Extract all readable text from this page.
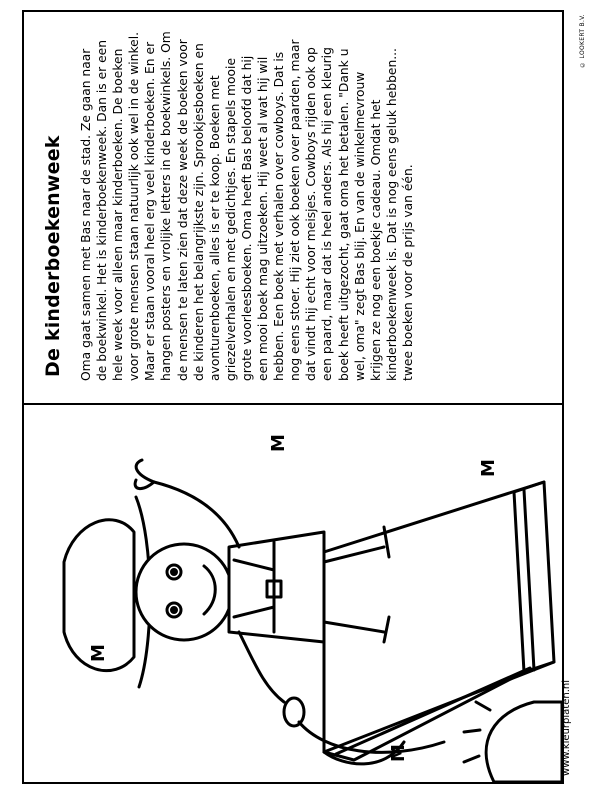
De kinderboekenweek Oma gaat samen met Bas naar de stad. Ze gaan naar de boekwinkel. Het is kinderboekenweek. Dan is er een hele week voor alleen maar kinderboeken. De boeken voor grote mensen staan natuurlijk ook wel in de winkel. Maar er staan vooral heel erg veel kinderboeken. En er hangen posters en vrolijke letters in de boekwinkels. Om de mensen te laten zien dat deze week de boeken voor de kinderen het belangrijkste zijn. Sprookjesboeken en avonturenboeken, alles is er te koop. Boeken met griezelverhalen en met gedichtjes. En stapels mooie grote voorleesboeken. Oma heeft Bas beloofd dat hij een mooi boek mag uitzoeken. Hij weet al wat hij wil hebben. Een boek met verhalen over cowboys. Dat is nog eens stoer. Hij ziet ook boeken over paarden, maar dat vindt hij echt voor meisjes. Cowboys rijden ook op een paard, maar dat is heel anders. Als hij een kleurig boek heeft uitgezocht, gaat oma het betalen. "Dank u wel, oma" zegt Bas blij. En van de winkelmevrouw krijgen ze nog een boekje cadeau. Omdat het kinderboekenweek is. Dat is nog eens geluk hebben... twee boeken voor de prijs van één.

© LOOKERT B.V.
M
M
M
M
www.kleurplaten.nl
